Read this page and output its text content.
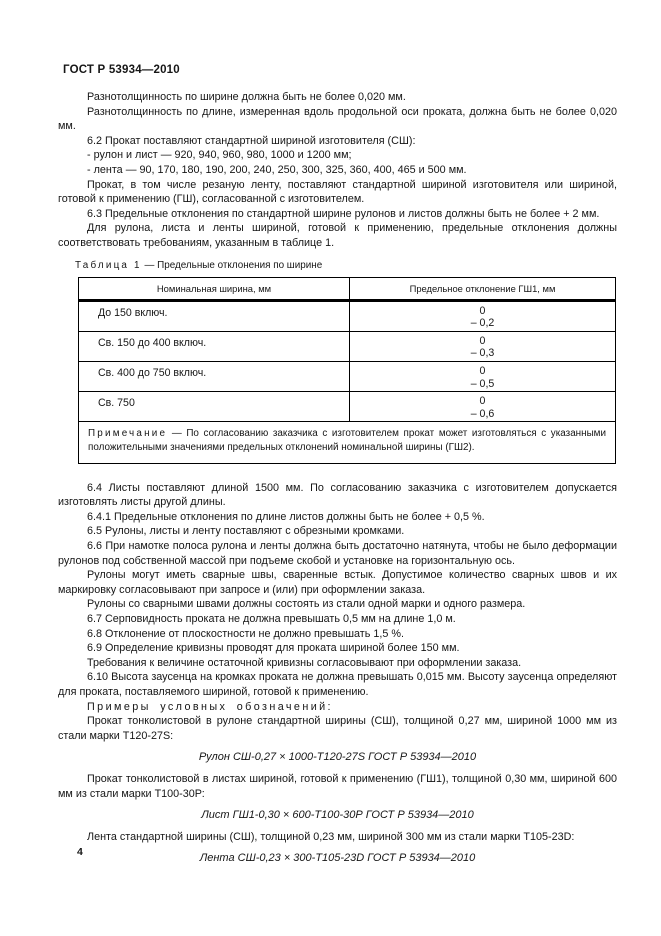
ГОСТ Р 53934—2010

Разнотолщинность по ширине должна быть не более 0,020 мм.

Разнотолщинность по длине, измеренная вдоль продольной оси проката, должна быть не более 0,020 мм.

6.2 Прокат поставляют стандартной шириной изготовителя (СШ):

- рулон и лист — 920, 940, 960, 980, 1000 и 1200 мм;

- лента — 90, 170, 180, 190, 200, 240, 250, 300, 325, 360, 400, 465 и 500 мм.

Прокат, в том числе резаную ленту, поставляют стандартной шириной изготовителя или шириной, готовой к применению (ГШ), согласованной с изготовителем.

6.3 Предельные отклонения по стандартной ширине рулонов и листов должны быть не более + 2 мм.

Для рулона, листа и ленты шириной, готовой к применению, предельные отклонения должны соответствовать требованиям, указанным в таблице 1.

Таблица 1 — Предельные отклонения по ширине

Номинальная ширина, мм	Предельное отклонение ГШ1, мм
До 150 включ.	0
– 0,2

Св. 150 до 400 включ.	0
– 0,3

Св. 400 до 750 включ.	0
– 0,5

Св. 750	0
– 0,6

Примечание — По согласованию заказчика с изготовителем прокат может изготовляться с указанными положительными значениями предельных отклонений номинальной ширины (ГШ2).	

6.4 Листы поставляют длиной 1500 мм. По согласованию заказчика с изготовителем допускается изготовлять листы другой длины.

6.4.1 Предельные отклонения по длине листов должны быть не более + 0,5 %.

6.5 Рулоны, листы и ленту поставляют с обрезными кромками.

6.6 При намотке полоса рулона и ленты должна быть достаточно натянута, чтобы не было деформации рулонов под собственной массой при подъеме скобой и установке на горизонтальную ось.

Рулоны могут иметь сварные швы, сваренные встык. Допустимое количество сварных швов и их маркировку согласовывают при запросе и (или) при оформлении заказа.

Рулоны со сварными швами должны состоять из стали одной марки и одного размера.

6.7 Серповидность проката не должна превышать 0,5 мм на длине 1,0 м.

6.8 Отклонение от плоскостности не должно превышать 1,5 %.

6.9 Определение кривизны проводят для проката шириной более 150 мм.

Требования к величине остаточной кривизны согласовывают при оформлении заказа.

6.10 Высота заусенца на кромках проката не должна превышать 0,015 мм. Высоту заусенца определяют для проката, поставляемого шириной, готовой к применению.

Примеры условных обозначений:

Прокат тонколистовой в рулоне стандартной ширины (СШ), толщиной 0,27 мм, шириной 1000 мм из стали марки Т120-27S:

Рулон СШ-0,27 × 1000-Т120-27S ГОСТ Р 53934—2010

Прокат тонколистовой в листах шириной, готовой к применению (ГШ1), толщиной 0,30 мм, шириной 600 мм из стали марки Т100-30Р:

Лист ГШ1-0,30 × 600-Т100-30Р ГОСТ Р 53934—2010

Лента стандартной ширины (СШ), толщиной 0,23 мм, шириной 300 мм из стали марки Т105-23D:

Лента СШ-0,23 × 300-Т105-23D ГОСТ Р 53934—2010

4
